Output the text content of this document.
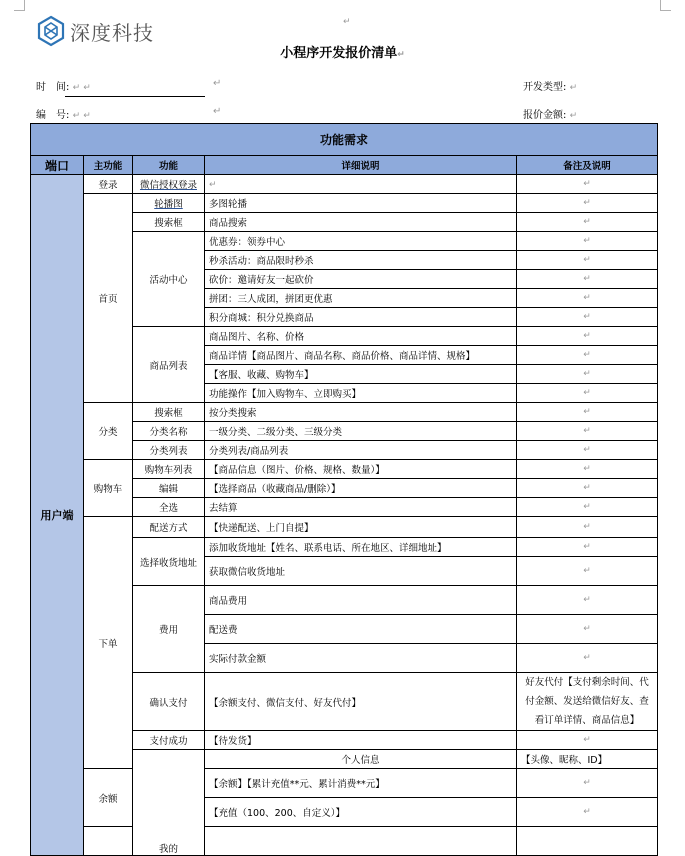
深度科技	↵
小程序开发报价清单↵
时　间: ↵ ↵	↵	开发类型: ↵
编　号: ↵ ↵	↵	报价金额: ↵
功能需求					
端口	主功能	功能	详细说明	备注及说明	
用户端	登录	微信授权登录	↵	↵	
	首页	轮播图	多图轮播	↵	
		搜索框	商品搜索	↵	
		活动中心	优惠券：领券中心	↵	
			秒杀活动：商品限时秒杀	↵	
			砍价：邀请好友一起砍价	↵	
			拼团：三人成团，拼团更优惠	↵	
			积分商城：积分兑换商品	↵	
		商品列表	商品图片、名称、价格	↵	
			商品详情【商品图片、商品名称、商品价格、商品详情、规格】	↵	
			【客服、收藏、购物车】	↵	
			功能操作【加入购物车、立即购买】	↵	
	分类	搜索框	按分类搜索	↵	
		分类名称	一级分类、二级分类、三级分类	↵	
		分类列表	分类列表/商品列表	↵	
	购物车	购物车列表	【商品信息（图片、价格、规格、数量）】	↵	
		编辑	【选择商品（收藏商品/删除）】	↵	
		全选	去结算	↵	
	下单	配送方式	【快递配送、上门自提】	↵	
		选择收货地址	添加收货地址【姓名、联系电话、所在地区、详细地址】	↵	
			获取微信收货地址	↵	
		费用	商品费用	↵	
			配送费	↵	
			实际付款金额	↵	
		确认支付	【余额支付、微信支付、好友代付】	好友代付【支付剩余时间、代付金额、发送给微信好友、查看订单详情、商品信息】	
		支付成功	【待发货】	↵	
		我的	个人信息	【头像、昵称、ID】	
	余额		【余额】【累计充值**元、累计消费**元】	↵	
			【充值（100、200、自定义）】	↵	
